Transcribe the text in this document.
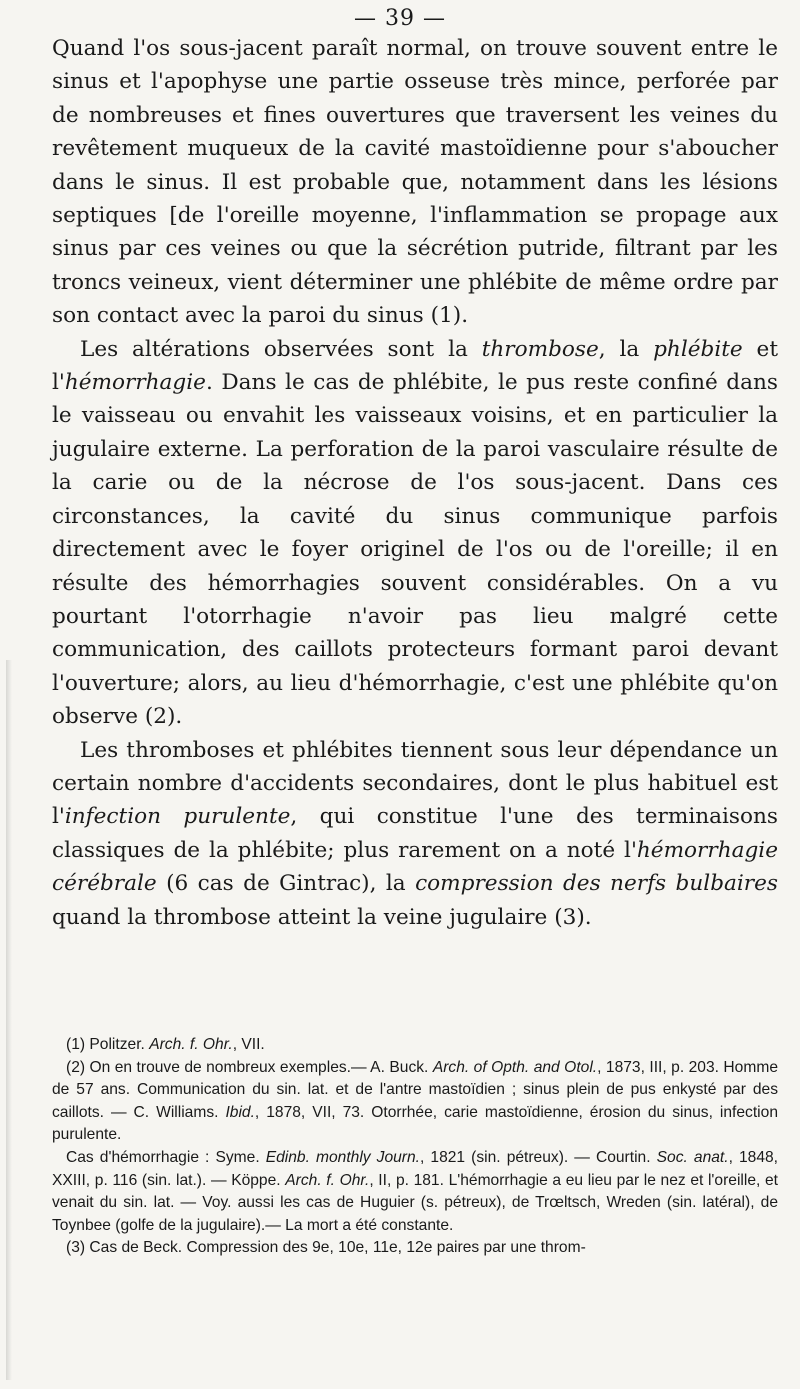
— 39 —

Quand l'os sous-jacent paraît normal, on trouve souvent entre le sinus et l'apophyse une partie osseuse très mince, perforée par de nombreuses et fines ouvertures que traversent les veines du revêtement muqueux de la cavité mastoïdienne pour s'aboucher dans le sinus. Il est probable que, notamment dans les lésions septiques [de l'oreille moyenne, l'inflammation se propage aux sinus par ces veines ou que la sécrétion putride, filtrant par les troncs veineux, vient déterminer une phlébite de même ordre par son contact avec la paroi du sinus (1).

Les altérations observées sont la thrombose, la phlébite et l'hémorrhagie. Dans le cas de phlébite, le pus reste confiné dans le vaisseau ou envahit les vaisseaux voisins, et en particulier la jugulaire externe. La perforation de la paroi vasculaire résulte de la carie ou de la nécrose de l'os sous-jacent. Dans ces circonstances, la cavité du sinus communique parfois directement avec le foyer originel de l'os ou de l'oreille; il en résulte des hémorrhagies souvent considérables. On a vu pourtant l'otorrhagie n'avoir pas lieu malgré cette communication, des caillots protecteurs formant paroi devant l'ouverture; alors, au lieu d'hémorrhagie, c'est une phlébite qu'on observe (2).

Les thromboses et phlébites tiennent sous leur dépendance un certain nombre d'accidents secondaires, dont le plus habituel est l'infection purulente, qui constitue l'une des terminaisons classiques de la phlébite; plus rarement on a noté l'hémorrhagie cérébrale (6 cas de Gintrac), la compression des nerfs bulbaires quand la thrombose atteint la veine jugulaire (3).

(1) Politzer. Arch. f. Ohr., VII.

(2) On en trouve de nombreux exemples.— A. Buck. Arch. of Opth. and Otol., 1873, III, p. 203. Homme de 57 ans. Communication du sin. lat. et de l'antre mastoïdien ; sinus plein de pus enkysté par des caillots. — C. Williams. Ibid., 1878, VII, 73. Otorrhée, carie mastoïdienne, érosion du sinus, infection purulente.

Cas d'hémorrhagie : Syme. Edinb. monthly Journ., 1821 (sin. pétreux). — Courtin. Soc. anat., 1848, XXIII, p. 116 (sin. lat.). — Köppe. Arch. f. Ohr., II, p. 181. L'hémorrhagie a eu lieu par le nez et l'oreille, et venait du sin. lat. — Voy. aussi les cas de Huguier (s. pétreux), de Trœltsch, Wreden (sin. latéral), de Toynbee (golfe de la jugulaire).— La mort a été constante.

(3) Cas de Beck. Compression des 9e, 10e, 11e, 12e paires par une throm-
